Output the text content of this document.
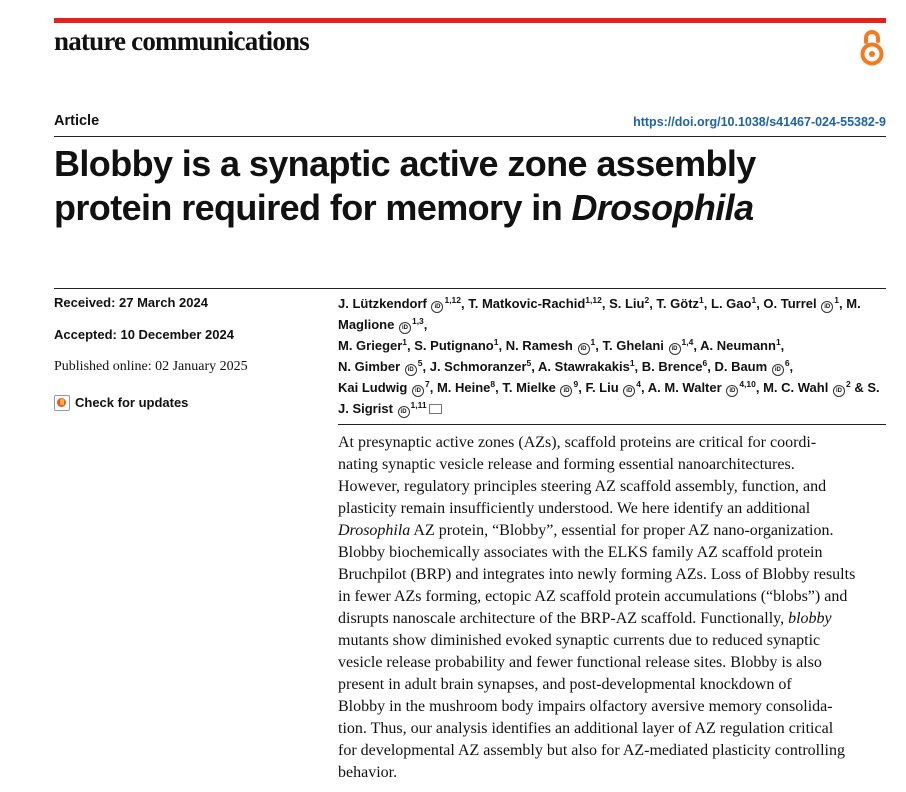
nature communications
Article	https://doi.org/10.1038/s41467-024-55382-9
Blobby is a synaptic active zone assembly
protein required for memory in Drosophila
Received: 27 March 2024
Accepted: 10 December 2024
Published online: 02 January 2025
Check for updates
J. Lützkendorf iD $^{1,12}$, T. Matkovic-Rachid$^{1,12}$, S. Liu$^2$, T. Götz$^1$, L. Gao$^1$, O. Turrel iD $^1$, M. Maglione iD $^{1,3}$,
M. Grieger$^1$, S. Putignano$^1$, N. Ramesh iD $^1$, T. Ghelani iD $^{1,4}$, A. Neumann$^1$,
N. Gimber iD $^5$, J. Schmoranzer$^5$, A. Stawrakakis$^1$, B. Brence$^6$, D. Baum iD $^6$,
Kai Ludwig iD $^7$, M. Heine$^8$, T. Mielke iD $^9$, F. Liu iD $^4$, A. M. Walter iD $^{4,10}$, M. C. Wahl iD $^2$ & S. J. Sigrist iD $^{1,11}$

At presynaptic active zones (AZs), scaffold proteins are critical for coordi-
nating synaptic vesicle release and forming essential nanoarchitectures.
However, regulatory principles steering AZ scaffold assembly, function, and
plasticity remain insufficiently understood. We here identify an additional
Drosophila AZ protein, “Blobby”, essential for proper AZ nano-organization.
Blobby biochemically associates with the ELKS family AZ scaffold protein
Bruchpilot (BRP) and integrates into newly forming AZs. Loss of Blobby results
in fewer AZs forming, ectopic AZ scaffold protein accumulations (“blobs”) and
disrupts nanoscale architecture of the BRP-AZ scaffold. Functionally, blobby
mutants show diminished evoked synaptic currents due to reduced synaptic
vesicle release probability and fewer functional release sites. Blobby is also
present in adult brain synapses, and post-developmental knockdown of
Blobby in the mushroom body impairs olfactory aversive memory consolida-
tion. Thus, our analysis identifies an additional layer of AZ regulation critical
for developmental AZ assembly but also for AZ-mediated plasticity controlling
behavior.
